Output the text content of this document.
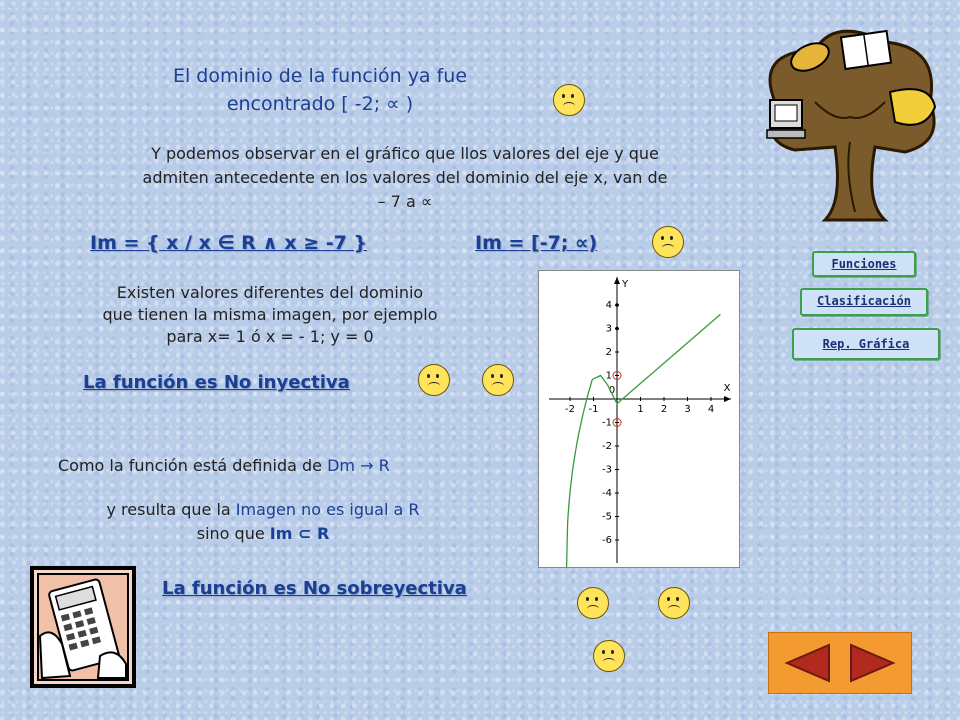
El dominio de la función ya fue
encontrado [ -2; ∝ )
Y podemos observar en el gráfico que llos valores del eje y que
admiten antecedente en los valores del dominio del eje x, van de
– 7 a ∝
Im = { x / x ∈ R ∧ x ≥ -7 }	Im = [-7; ∝)
Existen valores diferentes del dominio
que tienen la misma imagen, por ejemplo
para x= 1 ó x = - 1; y = 0
La función es No inyectiva
Como la función está definida de Dm → R
y resulta que la Imagen no es igual a R
sino que Im ⊂ R
La función es No sobreyectiva
X
Y
0
-2 -1	1 2 3 4
4
3
2
1
-1
-2
-3
-4
-5
-6
Funciones
Clasificación
Rep. Gráfica
